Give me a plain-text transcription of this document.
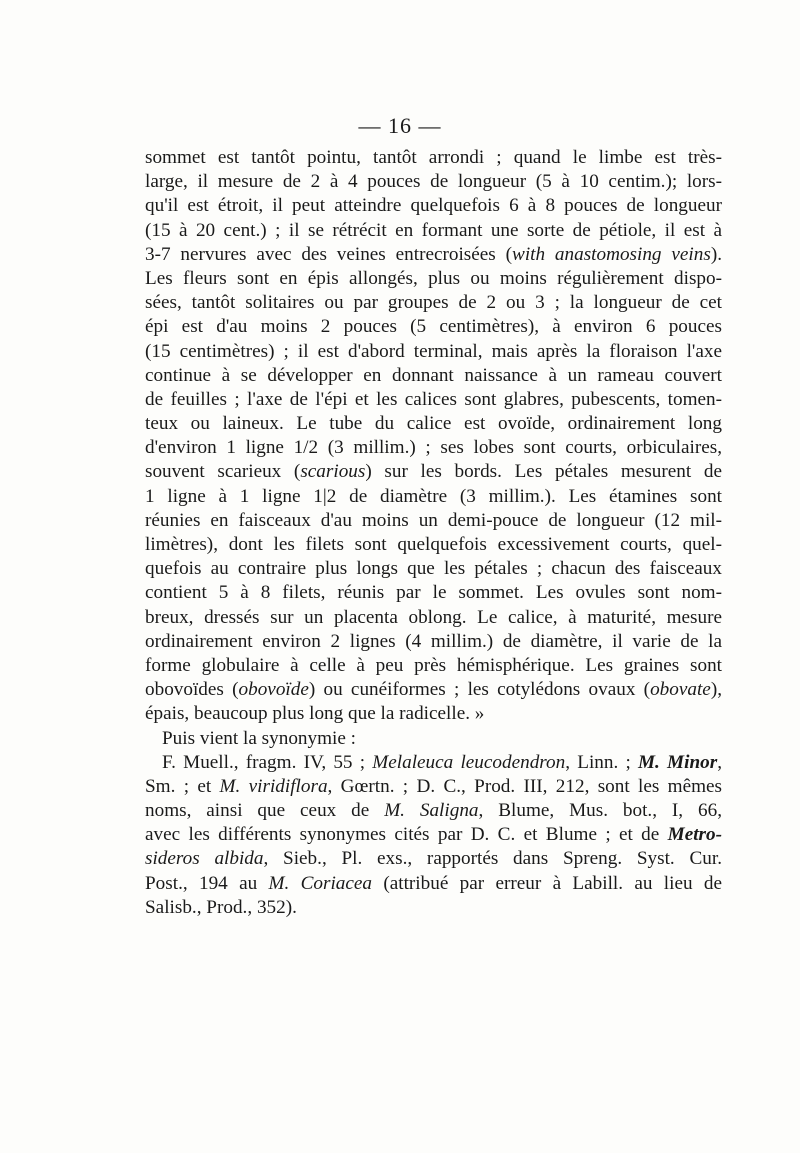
— 16 —
sommet est tantôt pointu, tantôt arrondi ; quand le limbe est très-
large, il mesure de 2 à 4 pouces de longueur (5 à 10 centim.); lors-
qu'il est étroit, il peut atteindre quelquefois 6 à 8 pouces de longueur
(15 à 20 cent.) ; il se rétrécit en formant une sorte de pétiole, il est à
3-7 nervures avec des veines entrecroisées (with anastomosing veins).
Les fleurs sont en épis allongés, plus ou moins régulièrement dispo-
sées, tantôt solitaires ou par groupes de 2 ou 3 ; la longueur de cet
épi est d'au moins 2 pouces (5 centimètres), à environ 6 pouces
(15 centimètres) ; il est d'abord terminal, mais après la floraison l'axe
continue à se développer en donnant naissance à un rameau couvert
de feuilles ; l'axe de l'épi et les calices sont glabres, pubescents, tomen-
teux ou laineux. Le tube du calice est ovoïde, ordinairement long
d'environ 1 ligne 1/2 (3 millim.) ; ses lobes sont courts, orbiculaires,
souvent scarieux (scarious) sur les bords. Les pétales mesurent de
1 ligne à 1 ligne 1|2 de diamètre (3 millim.). Les étamines sont
réunies en faisceaux d'au moins un demi-pouce de longueur (12 mil-
limètres), dont les filets sont quelquefois excessivement courts, quel-
quefois au contraire plus longs que les pétales ; chacun des faisceaux
contient 5 à 8 filets, réunis par le sommet. Les ovules sont nom-
breux, dressés sur un placenta oblong. Le calice, à maturité, mesure
ordinairement environ 2 lignes (4 millim.) de diamètre, il varie de la
forme globulaire à celle à peu près hémisphérique. Les graines sont
obovoïdes (obovoïde) ou cunéiformes ; les cotylédons ovaux (obovate),
épais, beaucoup plus long que la radicelle. »
Puis vient la synonymie :
F. Muell., fragm. IV, 55 ; Melaleuca leucodendron, Linn. ; M. Minor,
Sm. ; et M. viridiflora, Gœrtn. ; D. C., Prod. III, 212, sont les mêmes
noms, ainsi que ceux de M. Saligna, Blume, Mus. bot., I, 66,
avec les différents synonymes cités par D. C. et Blume ; et de Metro-
sideros albida, Sieb., Pl. exs., rapportés dans Spreng. Syst. Cur.
Post., 194 au M. Coriacea (attribué par erreur à Labill. au lieu de
Salisb., Prod., 352).
